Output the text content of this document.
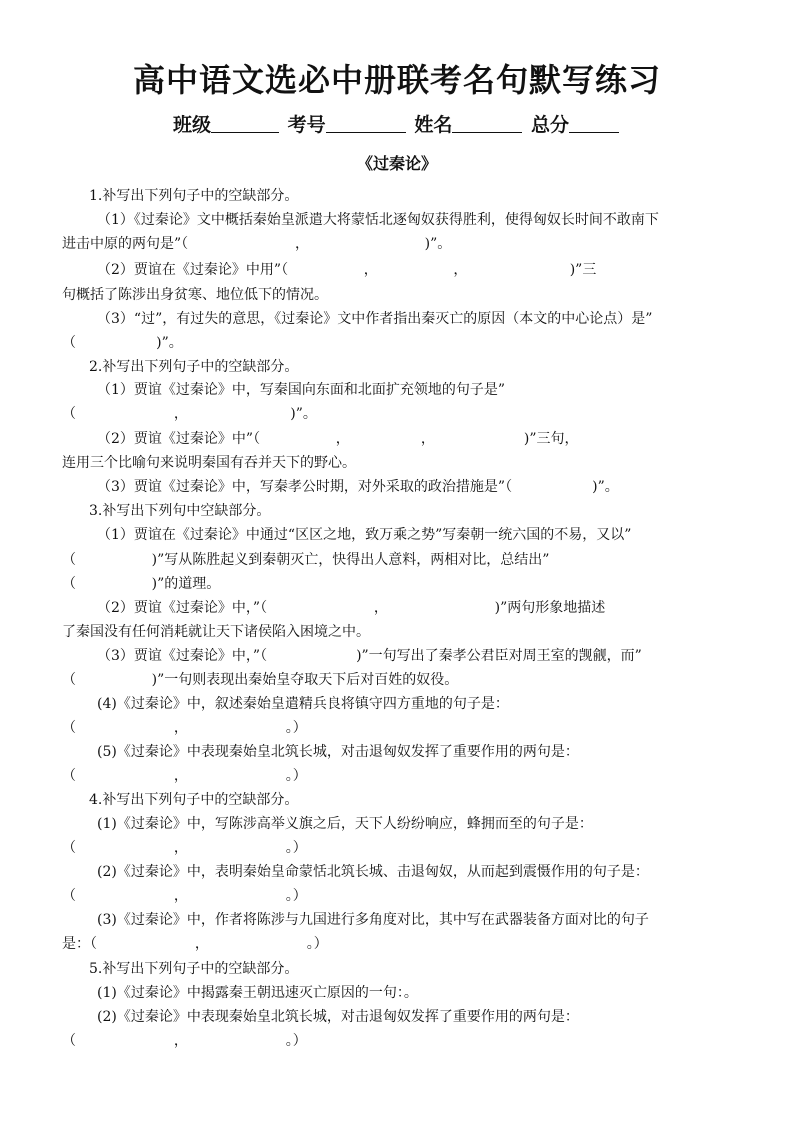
高中语文选必中册联考名句默写练习
班级	考号	姓名	总分
《过秦论》
1.补写出下列句子中的空缺部分。
（1）《过秦论》文中概括秦始皇派遣大将蒙恬北逐匈奴获得胜利，使得匈奴长时间不敢南下
进击中原的两句是”（                        ，                          )”。
（2）贾谊在《过秦论》中用”（                 ，                 ，                       )”三
句概括了陈涉出身贫寒、地位低下的情况。
（3）“过”，有过失的意思，《过秦论》文中作者指出秦灭亡的原因（本文的中心论点）是”
（                  )”。
2.补写出下列句子中的空缺部分。
（1）贾谊《过秦论》中，写秦国向东面和北面扩充领地的句子是”
（                      ，                       )”。
（2）贾谊《过秦论》中”（                 ，                ，                    )”三句，
连用三个比喻句来说明秦国有吞并天下的野心。
（3）贾谊《过秦论》中，写秦孝公时期，对外采取的政治措施是”（                  )”。
3.补写出下列句中空缺部分。
（1）贾谊在《过秦论》中通过“区区之地，致万乘之势”写秦朝一统六国的不易，又以”
（                 )”写从陈胜起义到秦朝灭亡，快得出人意料，两相对比，总结出”
（                 )”的道理。
（2）贾谊《过秦论》中，”（                        ，                        )”两句形象地描述
了秦国没有任何消耗就让天下诸侯陷入困境之中。
（3）贾谊《过秦论》中，”（                    )”一句写出了秦孝公君臣对周王室的觊觎，而”
（                 )”一句则表现出秦始皇夺取天下后对百姓的奴役。
(4)《过秦论》中，叙述秦始皇遣精兵良将镇守四方重地的句子是：
（                      ，                      。）
(5)《过秦论》中表现秦始皇北筑长城，对击退匈奴发挥了重要作用的两句是：
（                      ，                      。）
4.补写出下列句子中的空缺部分。
(1)《过秦论》中，写陈涉高举义旗之后，天下人纷纷响应，蜂拥而至的句子是：
（                      ，                      。）
(2)《过秦论》中，表明秦始皇命蒙恬北筑长城、击退匈奴，从而起到震慑作用的句子是：
（                      ，                      。）
(3)《过秦论》中，作者将陈涉与九国进行多角度对比，其中写在武器装备方面对比的句子
是：（                      ，                      。）
5.补写出下列句子中的空缺部分。
(1)《过秦论》中揭露秦王朝迅速灭亡原因的一句：。
(2)《过秦论》中表现秦始皇北筑长城，对击退匈奴发挥了重要作用的两句是：
（                      ，                      。）
